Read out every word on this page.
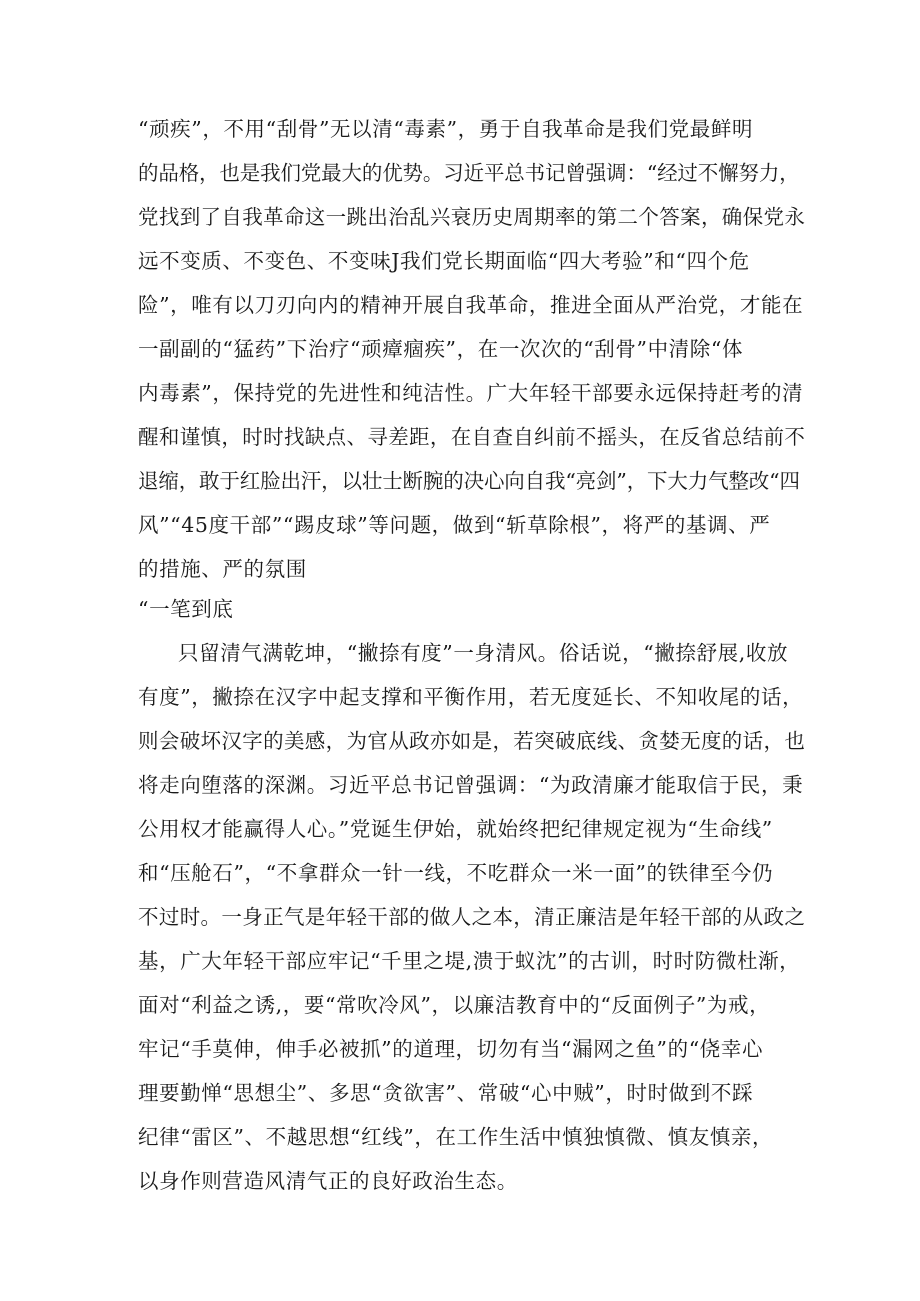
“顽疾”，不用“刮骨”无以清“毒素”，勇于自我革命是我们党最鲜明
的品格，也是我们党最大的优势。习近平总书记曾强调：“经过不懈努力，
党找到了自我革命这一跳出治乱兴衰历史周期率的第二个答案，确保党永
远不变质、不变色、不变味J我们党长期面临“四大考验”和“四个危
险”，唯有以刀刃向内的精神开展自我革命，推进全面从严治党，才能在
一副副的“猛药”下治疗“顽瘴痼疾”，在一次次的“刮骨”中清除“体
内毒素”，保持党的先进性和纯洁性。广大年轻干部要永远保持赶考的清
醒和谨慎，时时找缺点、寻差距，在自查自纠前不摇头，在反省总结前不
退缩，敢于红脸出汗，以壮士断腕的决心向自我“亮剑”，下大力气整改“四
风”“45度干部”“踢皮球”等问题，做到“斩草除根”，将严的基调、严
的措施、严的氛围
“一笔到底
只留清气满乾坤，“撇捺有度”一身清风。俗话说，“撇捺舒展,收放
有度”，撇捺在汉字中起支撑和平衡作用，若无度延长、不知收尾的话，
则会破坏汉字的美感，为官从政亦如是，若突破底线、贪婪无度的话，也
将走向堕落的深渊。习近平总书记曾强调：“为政清廉才能取信于民，秉
公用权才能赢得人心。”党诞生伊始，就始终把纪律规定视为“生命线”
和“压舱石”，“不拿群众一针一线，不吃群众一米一面”的铁律至今仍
不过时。一身正气是年轻干部的做人之本，清正廉洁是年轻干部的从政之
基，广大年轻干部应牢记“千里之堤,溃于蚁沈”的古训，时时防微杜渐，
面对“利益之诱,，要“常吹冷风”，以廉洁教育中的“反面例子”为戒，
牢记“手莫伸，伸手必被抓”的道理，切勿有当“漏网之鱼”的“侥幸心
理要勤惮“思想尘”、多思“贪欲害”、常破“心中贼”，时时做到不踩
纪律“雷区”、不越思想“红线”，在工作生活中慎独慎微、慎友慎亲，
以身作则营造风清气正的良好政治生态。
